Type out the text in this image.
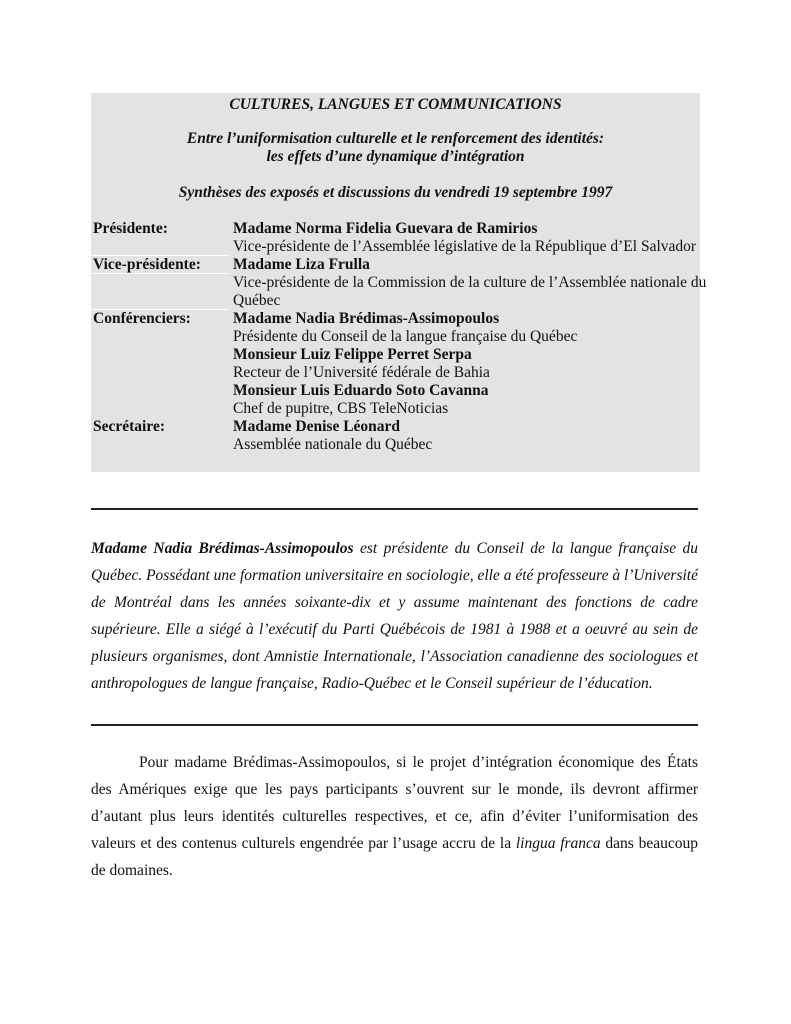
CULTURES, LANGUES ET COMMUNICATIONS
Entre l’uniformisation culturelle et le renforcement des identités:
les effets d’une dynamique d’intégration
Synthèses des exposés et discussions du vendredi 19 septembre 1997
Présidente:	Madame Norma Fidelia Guevara de Ramirios
Vice-présidente de l’Assemblée législative de la République d’El Salvador
Vice-présidente: Madame Liza Frulla
Vice-présidente de la Commission de la culture de l’Assemblée nationale du
Québec
Conférenciers:	Madame Nadia Brédimas-Assimopoulos
Présidente du Conseil de la langue française du Québec
Monsieur Luiz Felippe Perret Serpa
Recteur de l’Université fédérale de Bahia
Monsieur Luis Eduardo Soto Cavanna
Chef de pupitre, CBS TeleNoticias
Secrétaire:	Madame Denise Léonard
Assemblée nationale du Québec
Madame Nadia Brédimas-Assimopoulos est présidente du Conseil de la langue française du Québec. Possédant une formation universitaire en sociologie, elle a été professeure à l’Université de Montréal dans les années soixante-dix et y assume maintenant des fonctions de cadre supérieure. Elle a siégé à l’exécutif du Parti Québécois de 1981 à 1988 et a oeuvré au sein de plusieurs organismes, dont Amnistie Internationale, l’Association canadienne des sociologues et anthropologues de langue française, Radio-Québec et le Conseil supérieur de l’éducation.
Pour madame Brédimas-Assimopoulos, si le projet d’intégration économique des États des Amériques exige que les pays participants s’ouvrent sur le monde, ils devront affirmer d’autant plus leurs identités culturelles respectives, et ce, afin d’éviter l’uniformisation des valeurs et des contenus culturels engendrée par l’usage accru de la lingua franca dans beaucoup de domaines.
